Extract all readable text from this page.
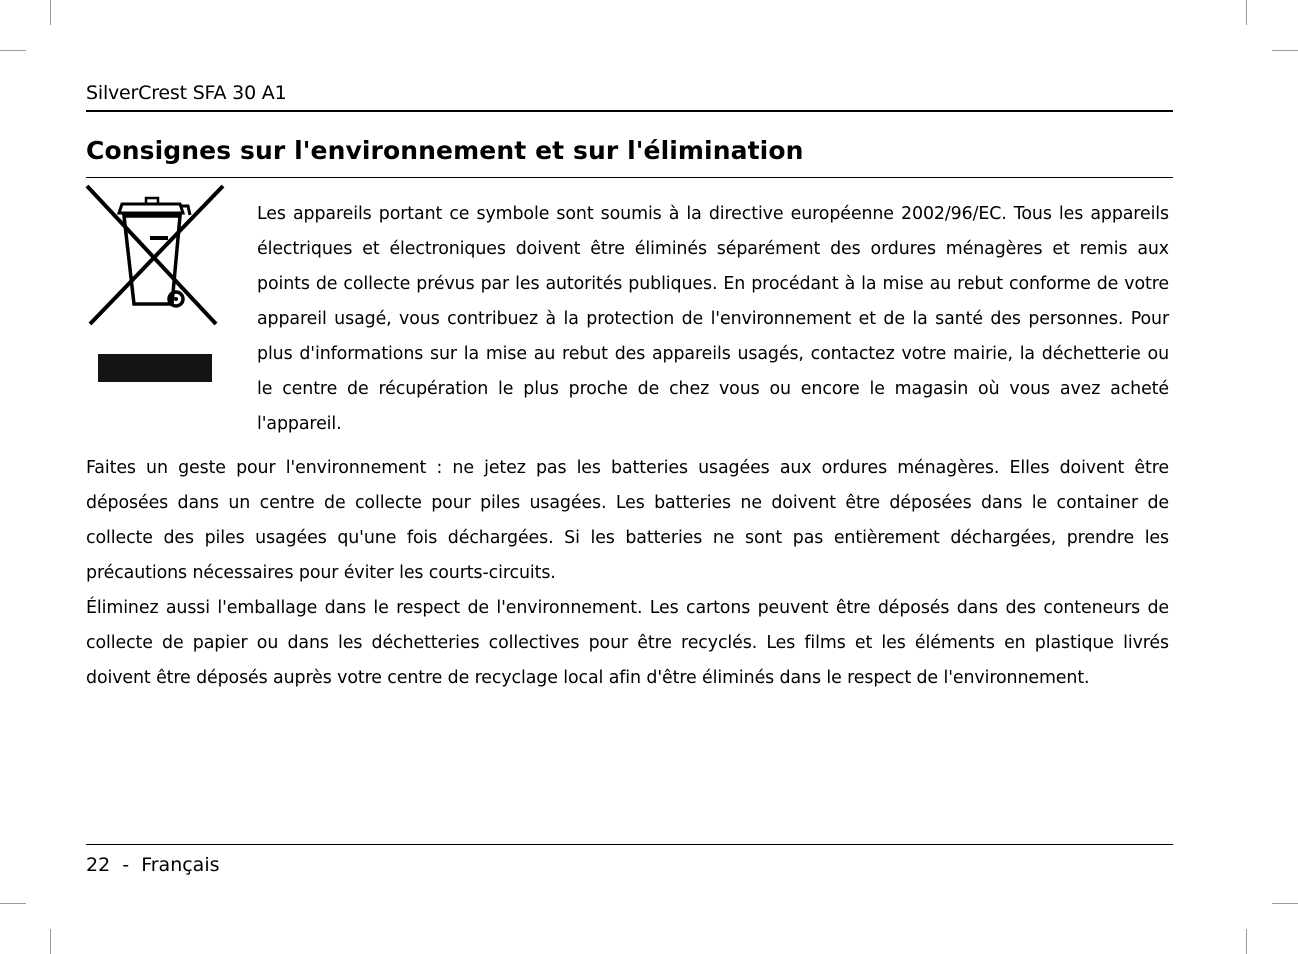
SilverCrest SFA 30 A1
Consignes sur l'environnement et sur l'élimination

Les appareils portant ce symbole sont soumis à la directive européenne 2002/96/EC. Tous les appareils électriques et électroniques doivent être éliminés séparément des ordures ménagères et remis aux points de collecte prévus par les autorités publiques. En procédant à la mise au rebut conforme de votre appareil usagé, vous contribuez à la protection de l'environnement et de la santé des personnes. Pour plus d'informations sur la mise au rebut des appareils usagés, contactez votre mairie, la déchetterie ou le centre de récupération le plus proche de chez vous ou encore le magasin où vous avez acheté l'appareil.

Faites un geste pour l'environnement : ne jetez pas les batteries usagées aux ordures ménagères. Elles doivent être déposées dans un centre de collecte pour piles usagées. Les batteries ne doivent être déposées dans le container de collecte des piles usagées qu'une fois déchargées. Si les batteries ne sont pas entièrement déchargées, prendre les précautions nécessaires pour éviter les courts-circuits.

Éliminez aussi l'emballage dans le respect de l'environnement. Les cartons peuvent être déposés dans des conteneurs de collecte de papier ou dans les déchetteries collectives pour être recyclés. Les films et les éléments en plastique livrés doivent être déposés auprès votre centre de recyclage local afin d'être éliminés dans le respect de l'environnement.

22  -  Français
